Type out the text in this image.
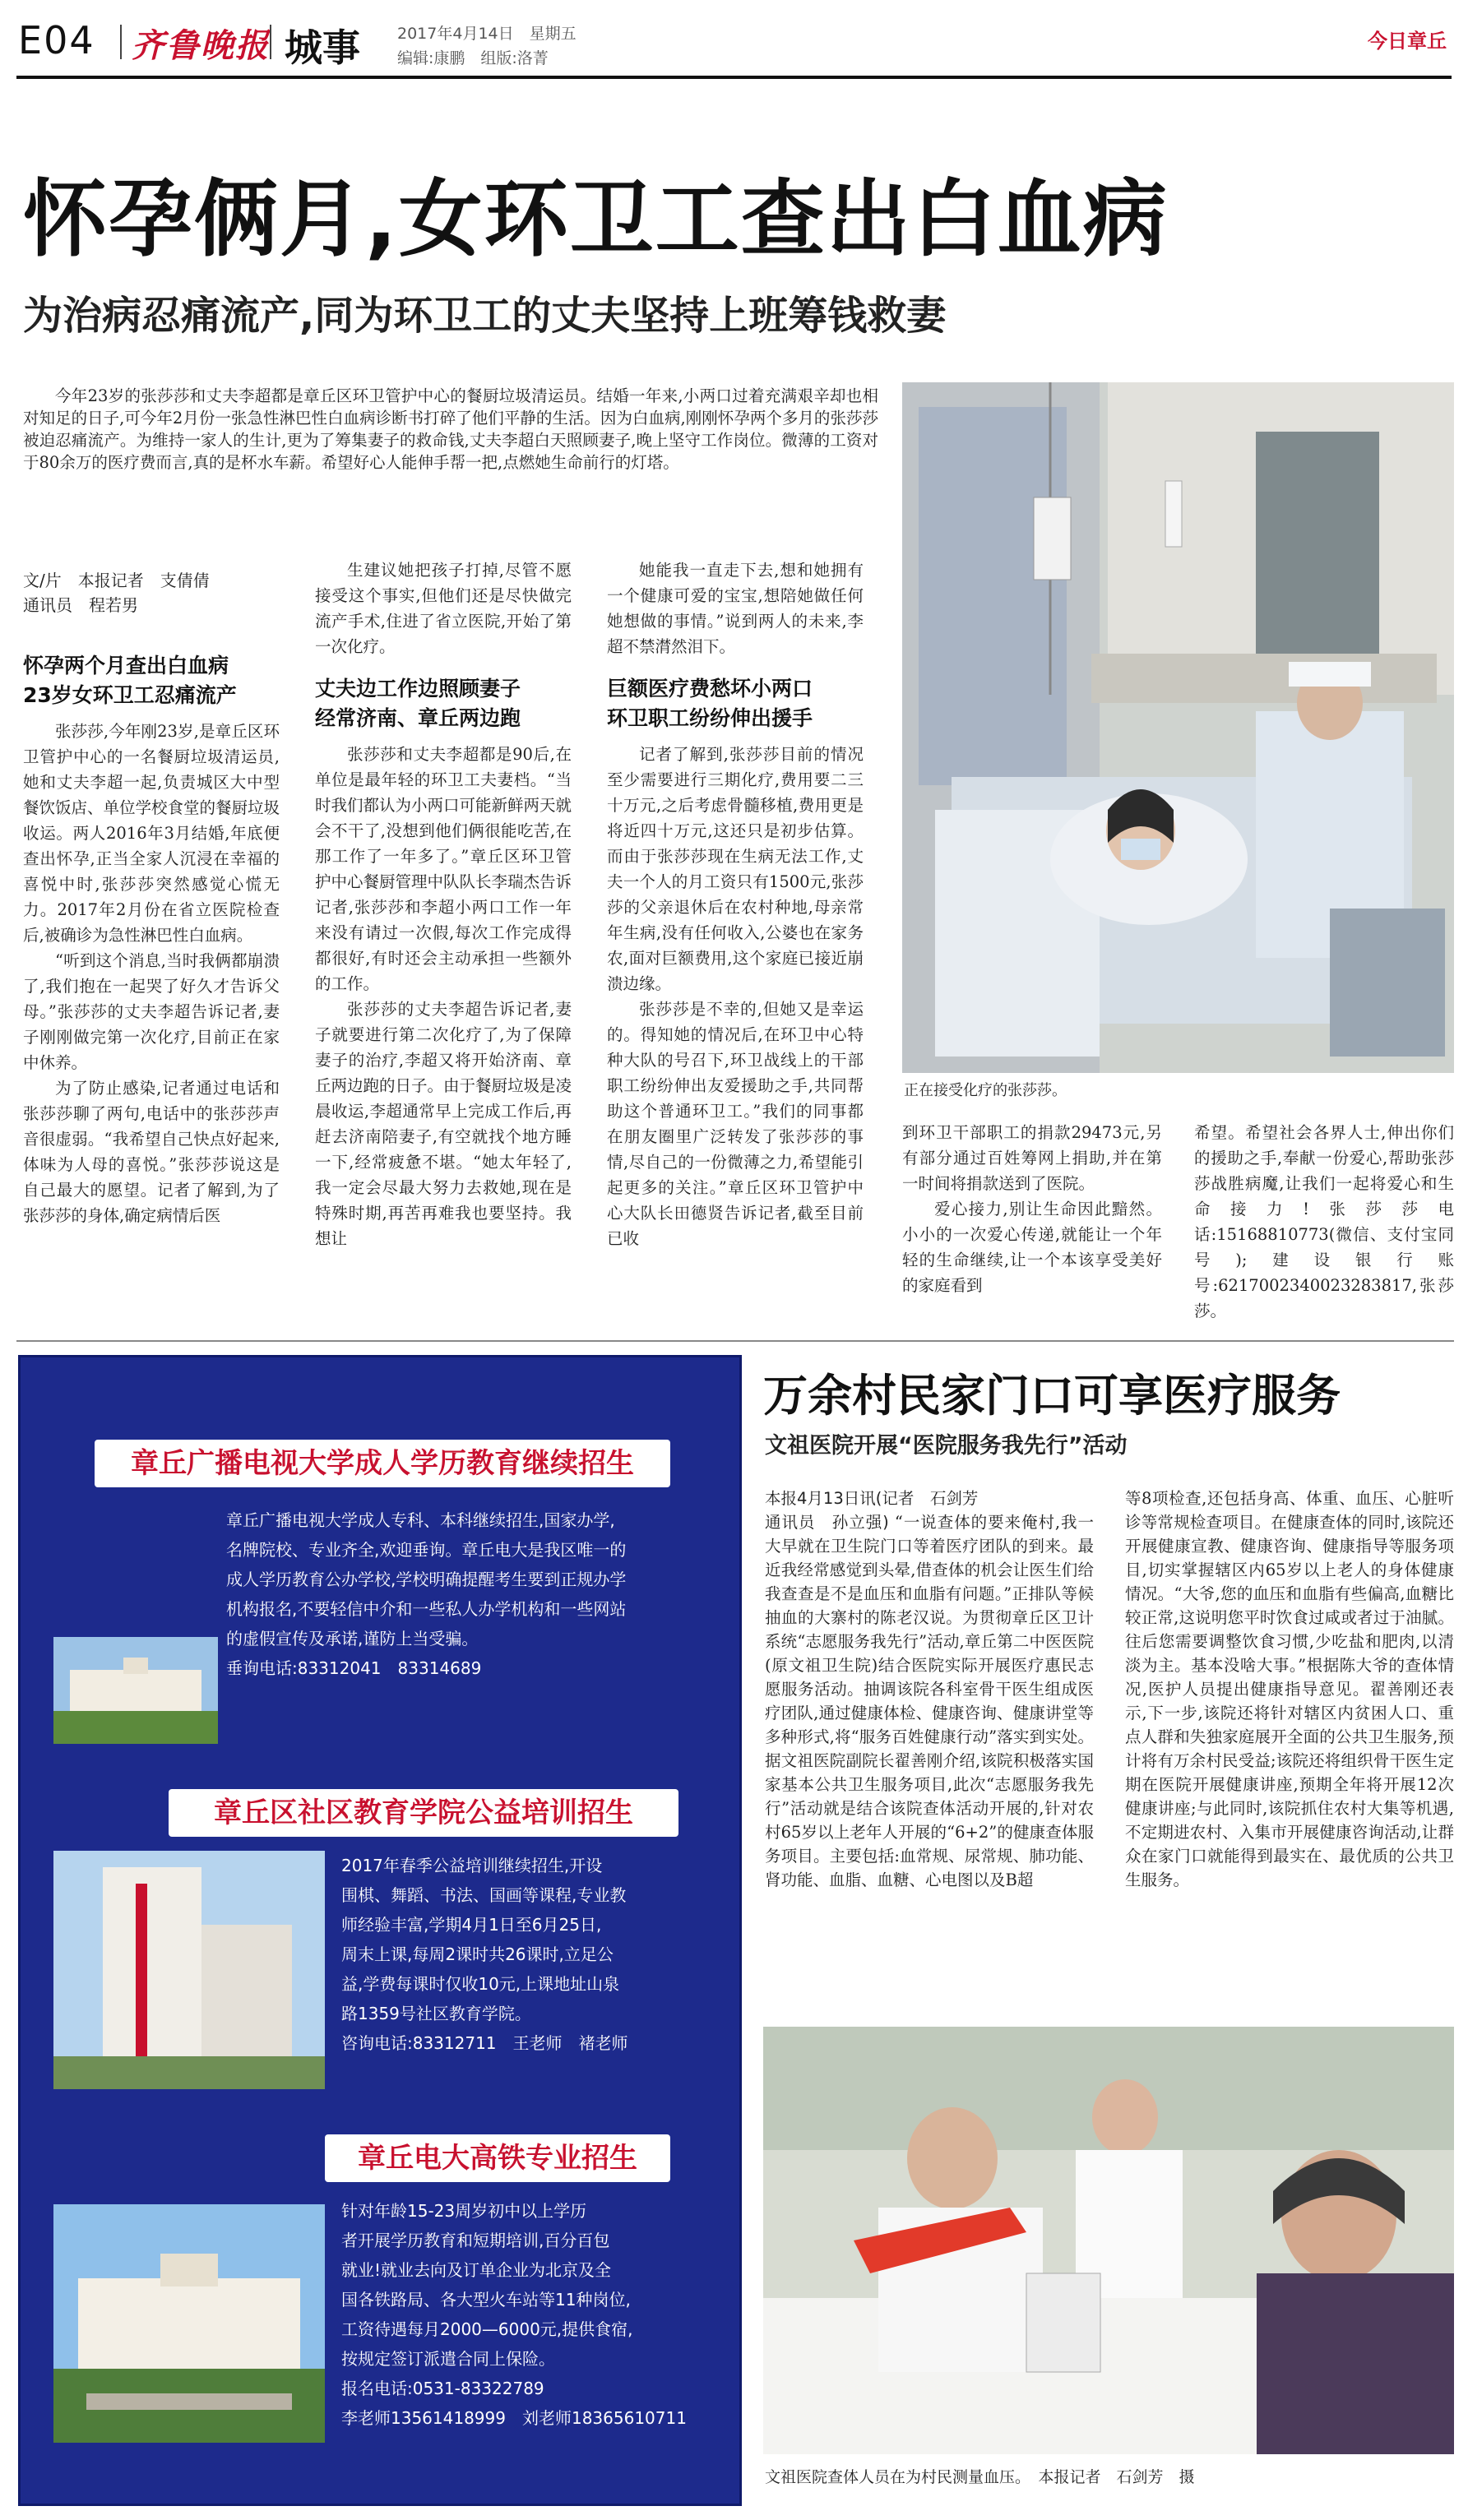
E04 齐鲁晚报 城事 2017年4月14日　星期五
编辑:康鹏　组版:洛菁
今日章丘
怀孕俩月,女环卫工查出白血病
为治病忍痛流产,同为环卫工的丈夫坚持上班筹钱救妻
今年23岁的张莎莎和丈夫李超都是章丘区环卫管护中心的餐厨垃圾清运员。结婚一年来,小两口过着充满艰辛却也相对知足的日子,可今年2月份一张急性淋巴性白血病诊断书打碎了他们平静的生活。因为白血病,刚刚怀孕两个多月的张莎莎被迫忍痛流产。为维持一家人的生计,更为了筹集妻子的救命钱,丈夫李超白天照顾妻子,晚上坚守工作岗位。微薄的工资对于80余万的医疗费而言,真的是杯水车薪。希望好心人能伸手帮一把,点燃她生命前行的灯塔。
正在接受化疗的张莎莎。
文/片　本报记者　支倩倩
通讯员　程若男
怀孕两个月查出白血病
23岁女环卫工忍痛流产

张莎莎,今年刚23岁,是章丘区环卫管护中心的一名餐厨垃圾清运员,她和丈夫李超一起,负责城区大中型餐饮饭店、单位学校食堂的餐厨垃圾收运。两人2016年3月结婚,年底便查出怀孕,正当全家人沉浸在幸福的喜悦中时,张莎莎突然感觉心慌无力。2017年2月份在省立医院检查后,被确诊为急性淋巴性白血病。

“听到这个消息,当时我俩都崩溃了,我们抱在一起哭了好久才告诉父母。”张莎莎的丈夫李超告诉记者,妻子刚刚做完第一次化疗,目前正在家中休养。

为了防止感染,记者通过电话和张莎莎聊了两句,电话中的张莎莎声音很虚弱。“我希望自己快点好起来,体味为人母的喜悦。”张莎莎说这是自己最大的愿望。记者了解到,为了张莎莎的身体,确定病情后医

生建议她把孩子打掉,尽管不愿接受这个事实,但他们还是尽快做完流产手术,住进了省立医院,开始了第一次化疗。

丈夫边工作边照顾妻子
经常济南、章丘两边跑

张莎莎和丈夫李超都是90后,在单位是最年轻的环卫工夫妻档。“当时我们都认为小两口可能新鲜两天就会不干了,没想到他们俩很能吃苦,在那工作了一年多了。”章丘区环卫管护中心餐厨管理中队队长李瑞杰告诉记者,张莎莎和李超小两口工作一年来没有请过一次假,每次工作完成得都很好,有时还会主动承担一些额外的工作。

张莎莎的丈夫李超告诉记者,妻子就要进行第二次化疗了,为了保障妻子的治疗,李超又将开始济南、章丘两边跑的日子。由于餐厨垃圾是凌晨收运,李超通常早上完成工作后,再赶去济南陪妻子,有空就找个地方睡一下,经常疲惫不堪。“她太年轻了,我一定会尽最大努力去救她,现在是特殊时期,再苦再难我也要坚持。我想让

她能我一直走下去,想和她拥有一个健康可爱的宝宝,想陪她做任何她想做的事情。”说到两人的未来,李超不禁潸然泪下。

巨额医疗费愁坏小两口
环卫职工纷纷伸出援手

记者了解到,张莎莎目前的情况至少需要进行三期化疗,费用要二三十万元,之后考虑骨髓移植,费用更是将近四十万元,这还只是初步估算。而由于张莎莎现在生病无法工作,丈夫一个人的月工资只有1500元,张莎莎的父亲退休后在农村种地,母亲常年生病,没有任何收入,公婆也在家务农,面对巨额费用,这个家庭已接近崩溃边缘。

张莎莎是不幸的,但她又是幸运的。得知她的情况后,在环卫中心特种大队的号召下,环卫战线上的干部职工纷纷伸出友爱援助之手,共同帮助这个普通环卫工。”我们的同事都在朋友圈里广泛转发了张莎莎的事情,尽自己的一份微薄之力,希望能引起更多的关注。”章丘区环卫管护中心大队长田德贤告诉记者,截至目前已收

到环卫干部职工的捐款29473元,另有部分通过百姓筹网上捐助,并在第一时间将捐款送到了医院。

爱心接力,别让生命因此黯然。小小的一次爱心传递,就能让一个年轻的生命继续,让一个本该享受美好的家庭看到

希望。希望社会各界人士,伸出你们的援助之手,奉献一份爱心,帮助张莎莎战胜病魔,让我们一起将爱心和生命接力!张莎莎电话:15168810773(微信、支付宝同号);建设银行账号:6217002340023283817,张莎莎。

章丘广播电视大学成人学历教育继续招生
章丘广播电视大学成人专科、本科继续招生,国家办学,
名牌院校、专业齐全,欢迎垂询。章丘电大是我区唯一的
成人学历教育公办学校,学校明确提醒考生要到正规办学
机构报名,不要轻信中介和一些私人办学机构和一些网站
的虚假宣传及承诺,谨防上当受骗。
垂询电话:83312041　83314689
章丘区社区教育学院公益培训招生
2017年春季公益培训继续招生,开设
围棋、舞蹈、书法、国画等课程,专业教
师经验丰富,学期4月1日至6月25日,
周末上课,每周2课时共26课时,立足公
益,学费每课时仅收10元,上课地址山泉
路1359号社区教育学院。
咨询电话:83312711　王老师　褚老师
章丘电大高铁专业招生
针对年龄15-23周岁初中以上学历
者开展学历教育和短期培训,百分百包
就业!就业去向及订单企业为北京及全
国各铁路局、各大型火车站等11种岗位,
工资待遇每月2000—6000元,提供食宿,
按规定签订派遣合同上保险。
报名电话:0531-83322789
李老师13561418999　刘老师18365610711
万余村民家门口可享医疗服务
文祖医院开展“医院服务我先行”活动
本报4月13日讯(记者　石剑芳
通讯员　孙立强) “一说查体的要来俺村,我一大早就在卫生院门口等着医疗团队的到来。最近我经常感觉到头晕,借查体的机会让医生们给我查查是不是血压和血脂有问题。”正排队等候抽血的大寨村的陈老汉说。为贯彻章丘区卫计系统“志愿服务我先行”活动,章丘第二中医医院(原文祖卫生院)结合医院实际开展医疗惠民志愿服务活动。抽调该院各科室骨干医生组成医疗团队,通过健康体检、健康咨询、健康讲堂等多种形式,将“服务百姓健康行动”落实到实处。据文祖医院副院长翟善刚介绍,该院积极落实国家基本公共卫生服务项目,此次“志愿服务我先行”活动就是结合该院查体活动开展的,针对农村65岁以上老年人开展的“6+2”的健康查体服务项目。主要包括:血常规、尿常规、肺功能、肾功能、血脂、血糖、心电图以及B超
等8项检查,还包括身高、体重、血压、心脏听诊等常规检查项目。在健康查体的同时,该院还开展健康宣教、健康咨询、健康指导等服务项目,切实掌握辖区内65岁以上老人的身体健康情况。“大爷,您的血压和血脂有些偏高,血糖比较正常,这说明您平时饮食过咸或者过于油腻。往后您需要调整饮食习惯,少吃盐和肥肉,以清淡为主。基本没啥大事。”根据陈大爷的查体情况,医护人员提出健康指导意见。翟善刚还表示,下一步,该院还将针对辖区内贫困人口、重点人群和失独家庭展开全面的公共卫生服务,预计将有万余村民受益;该院还将组织骨干医生定期在医院开展健康讲座,预期全年将开展12次健康讲座;与此同时,该院抓住农村大集等机遇,不定期进农村、入集市开展健康咨询活动,让群众在家门口就能得到最实在、最优质的公共卫生服务。
文祖医院查体人员在为村民测量血压。　本报记者　石剑芳　摄
